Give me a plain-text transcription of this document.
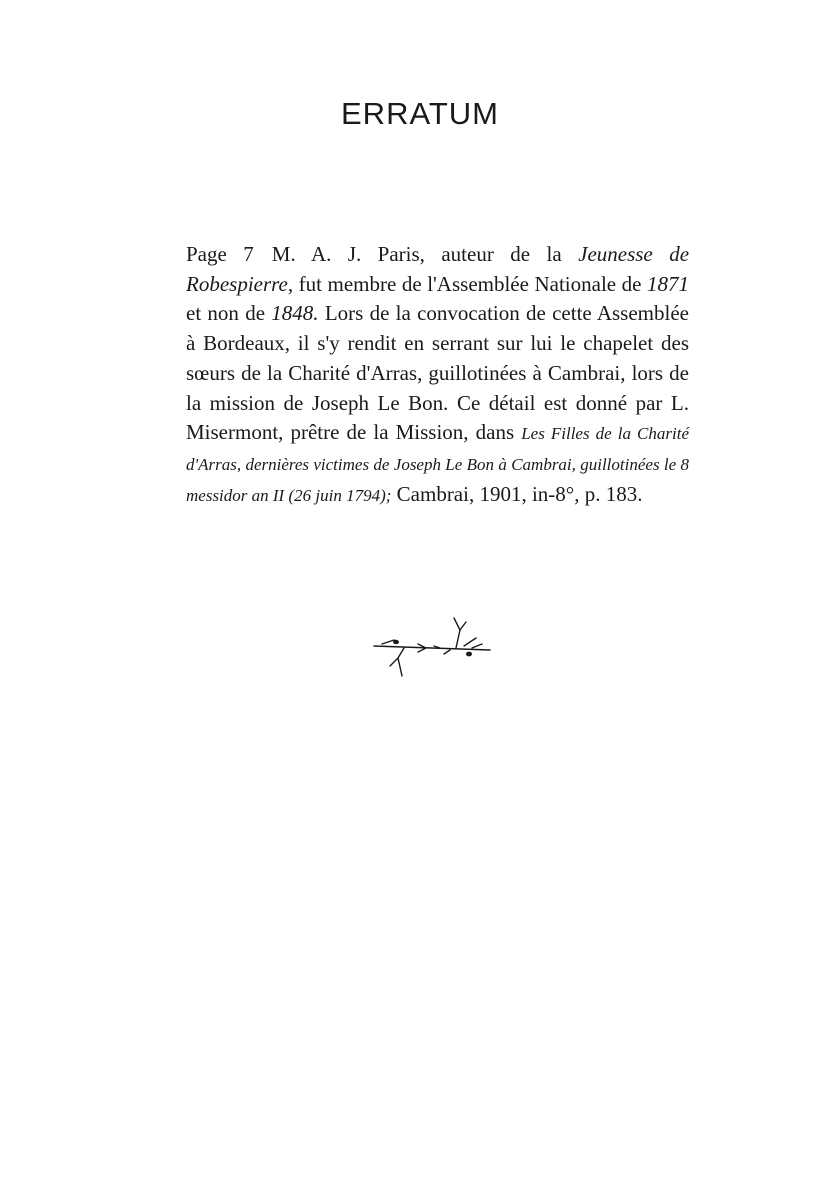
ERRATUM

Page 7 M. A. J. Paris, auteur de la Jeunesse de Robespierre, fut membre de l'Assemblée Nationale de 1871 et non de 1848. Lors de la convocation de cette Assemblée à Bordeaux, il s'y rendit en serrant sur lui le chapelet des sœurs de la Charité d'Arras, guillotinées à Cambrai, lors de la mission de Joseph Le Bon. Ce détail est donné par L. Misermont, prêtre de la Mission, dans Les Filles de la Charité d'Arras, dernières victimes de Joseph Le Bon à Cambrai, guillotinées le 8 messidor an II (26 juin 1794); Cambrai, 1901, in-8°, p. 183.
